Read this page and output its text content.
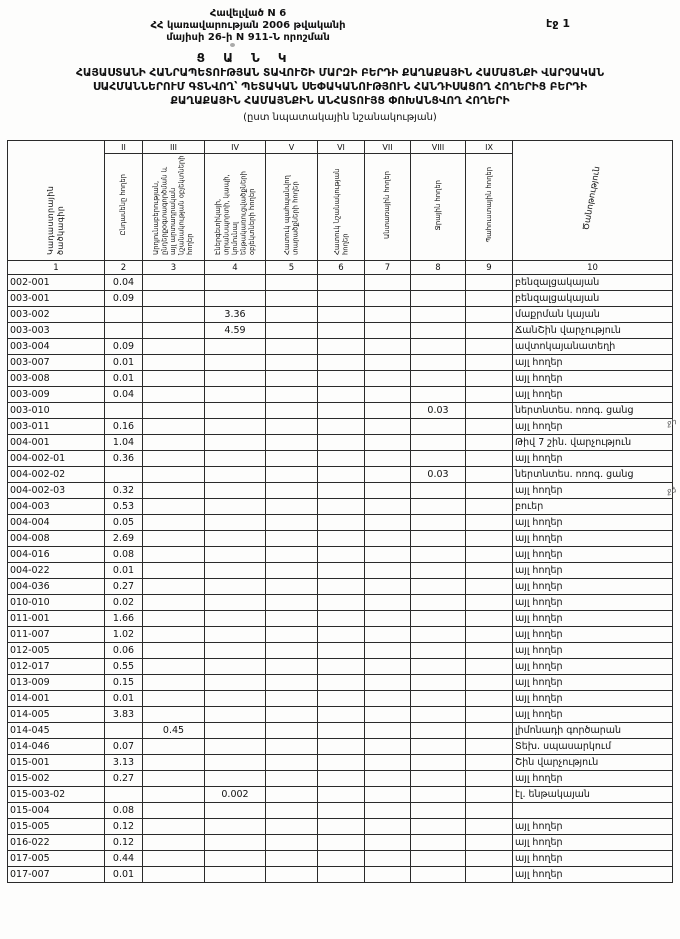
Հավելված N 6
ՀՀ կառավարության 2006 թվականի
մայիսի 26-ի N 911-Ն որոշման
էջ 1
Ց Ա Ն Կ
ՀԱՅԱՍՏԱՆԻ ՀԱՆՐԱՊԵՏՈՒԹՅԱՆ ՏԱՎՈՒՇԻ ՄԱՐԶԻ ԲԵՐԴԻ ՔԱՂԱՔԱՅԻՆ ՀԱՄԱՅՆՔԻ ՎԱՐՉԱԿԱՆ
ՍԱՀՄԱՆՆԵՐՈՒՄ ԳՏՆՎՈՂ՝ ՊԵՏԱԿԱՆ ՍԵՓԱԿԱՆՈՒԹՅՈՒՆ ՀԱՆԴԻՍԱՑՈՂ ՀՈՂԵՐԻՑ ԲԵՐԴԻ
ՔԱՂԱՔԱՅԻՆ ՀԱՄԱՅՆՔԻՆ ԱՆՀԱՏՈՒՅՑ ՓՈԽԱՆՑՎՈՂ ՀՈՂԵՐԻ
(ըստ նպատակային նշանակության)
Կադաստրային ծածկագիր	II	III	IV	V	VI	VII	VIII	IX	Ծանոթություն
	Ընդամենը հողեր	Արդյունաբերության, ընդերքօգտագործման և այլ արտադրական նշանակության օբյեկտների հողեր	Էներգետիկայի, տրանսպորտի, կապի, կոմունալ ենթակառուցվածքների օբյեկտների հողեր	Հատուկ պահպանվող տարածքների հողեր	Հատուկ նշանակության հողեր	Անտառային հողեր	Ջրային հողեր	Պահուստային հողեր	
1	2	3	4	5	6	7	8	9	10
002-001	0.04								բենզալցակայան
003-001	0.09								բենզալցակայան
003-002			3.36						մաքրման կայան
003-003			4.59						ՃանՇին վարչություն
003-004	0.09								ավտոկայանատեղի
003-007	0.01								այլ հողեր
003-008	0.01								այլ հողեր
003-009	0.04								այլ հողեր
003-010							0.03		ներտնտես. ոռոգ. ցանց
003-011	0.16								այլ հողեր
004-001	1.04								Թիվ 7 շին. վարչություն
004-002-01	0.36								այլ հողեր
004-002-02							0.03		ներտնտես. ոռոգ. ցանց
004-002-03	0.32								այլ հողեր
004-003	0.53								բուեր
004-004	0.05								այլ հողեր
004-008	2.69								այլ հողեր
004-016	0.08								այլ հողեր
004-022	0.01								այլ հողեր
004-036	0.27								այլ հողեր
010-010	0.02								այլ հողեր
011-001	1.66								այլ հողեր
011-007	1.02								այլ հողեր
012-005	0.06								այլ հողեր
012-017	0.55								այլ հողեր
013-009	0.15								այլ հողեր
014-001	0.01								այլ հողեր
014-005	3.83								այլ հողեր
014-045		0.45							լիմոնադի գործարան
014-046	0.07								Տեխ. սպասարկում
015-001	3.13								Շին վարչություն
015-002	0.27								այլ հողեր
015-003-02			0.002						էլ. ենթակայան
015-004	0.08								
015-005	0.12								այլ հողեր
016-022	0.12								այլ հողեր
017-005	0.44								այլ հողեր
017-007	0.01								այլ հողեր
ջհ
ջձ
